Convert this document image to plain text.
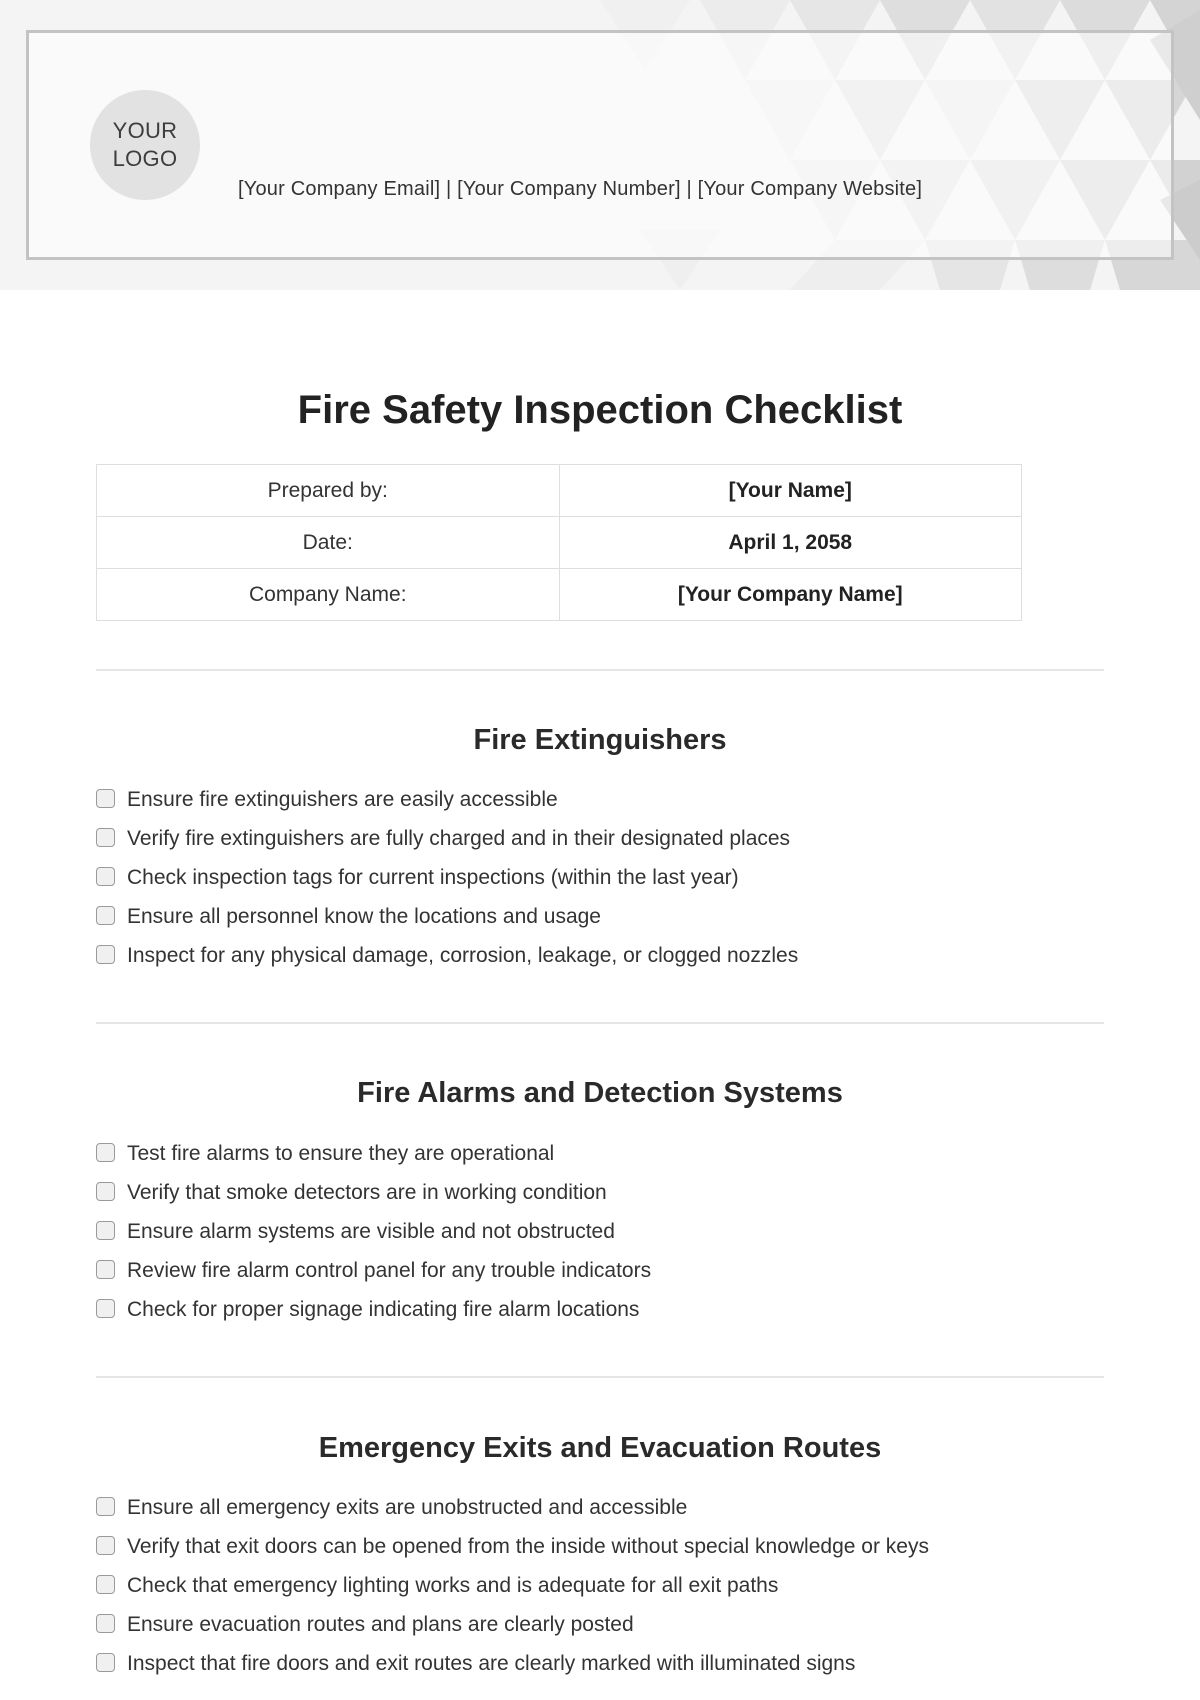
YOUR
LOGO
[Your Company Email] | [Your Company Number] | [Your Company Website]
Fire Safety Inspection Checklist
Prepared by:	[Your Name]
Date:	April 1, 2058
Company Name:	[Your Company Name]
Fire Extinguishers
Ensure fire extinguishers are easily accessible
Verify fire extinguishers are fully charged and in their designated places
Check inspection tags for current inspections (within the last year)
Ensure all personnel know the locations and usage
Inspect for any physical damage, corrosion, leakage, or clogged nozzles
Fire Alarms and Detection Systems
Test fire alarms to ensure they are operational
Verify that smoke detectors are in working condition
Ensure alarm systems are visible and not obstructed
Review fire alarm control panel for any trouble indicators
Check for proper signage indicating fire alarm locations
Emergency Exits and Evacuation Routes
Ensure all emergency exits are unobstructed and accessible
Verify that exit doors can be opened from the inside without special knowledge or keys
Check that emergency lighting works and is adequate for all exit paths
Ensure evacuation routes and plans are clearly posted
Inspect that fire doors and exit routes are clearly marked with illuminated signs
